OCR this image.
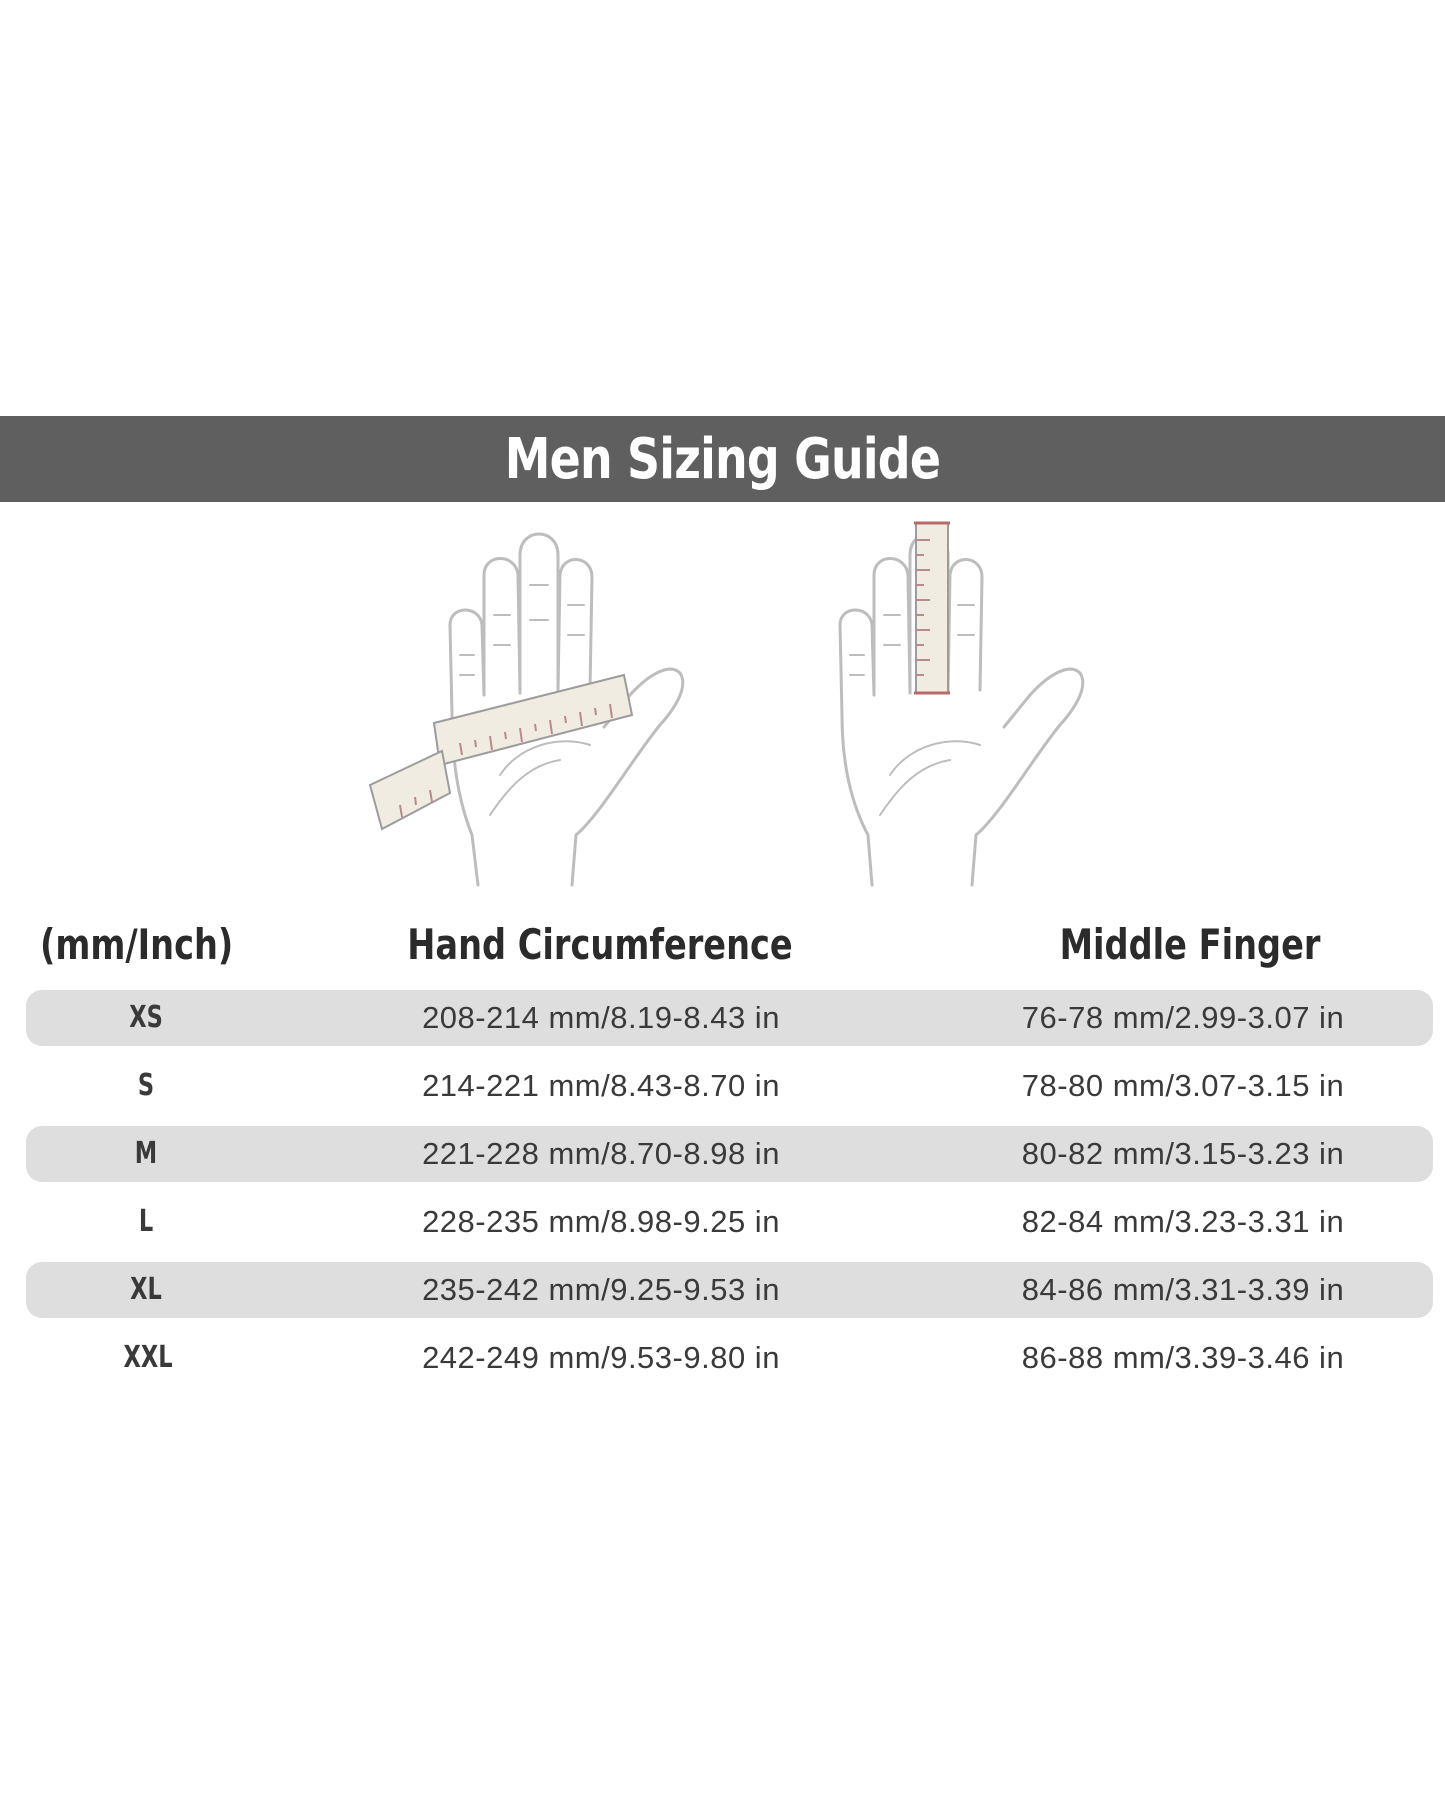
Men Sizing Guide
(mm/Inch)	Hand Circumference	Middle Finger
XS	208-214 mm/8.19-8.43 in	76-78 mm/2.99-3.07 in
S	214-221 mm/8.43-8.70 in	78-80 mm/3.07-3.15 in
M	221-228 mm/8.70-8.98 in	80-82 mm/3.15-3.23 in
L	228-235 mm/8.98-9.25 in	82-84 mm/3.23-3.31 in
XL	235-242 mm/9.25-9.53 in	84-86 mm/3.31-3.39 in
XXL	242-249 mm/9.53-9.80 in	86-88 mm/3.39-3.46 in
